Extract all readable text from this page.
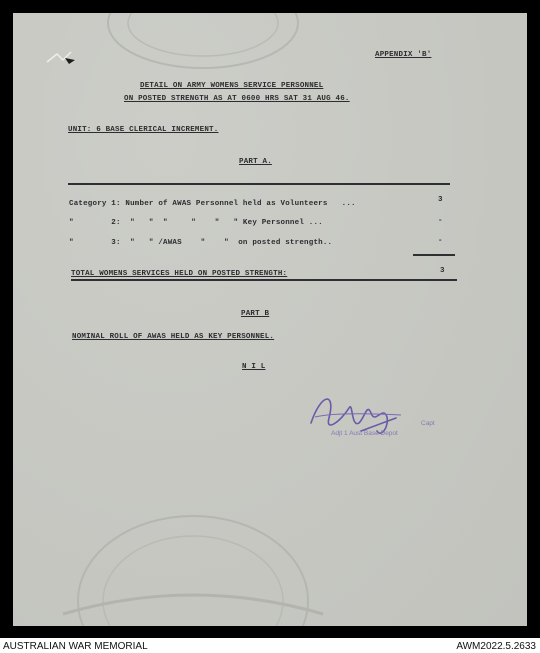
APPENDIX 'B'
DETAIL ON ARMY WOMENS SERVICE PERSONNEL
ON POSTED STRENGTH AS AT 0600 HRS SAT 31 AUG 46.
UNIT: 6 BASE CLERICAL INCREMENT.
PART A.
Category 1: Number of AWAS Personnel held as Volunteers   ...	3
"        2:  "   "  "     "    "   " Key Personnel ...	-
"        3:  "   " /AWAS    "    "  on posted strength..	-
TOTAL WOMENS SERVICES HELD ON POSTED STRENGTH:	3
PART B
NOMINAL ROLL OF AWAS HELD AS KEY PERSONNEL.
N I L
Capt
Adjt 1 Aust Base Depot
AUSTRALIAN WAR MEMORIAL	AWM2022.5.2633
